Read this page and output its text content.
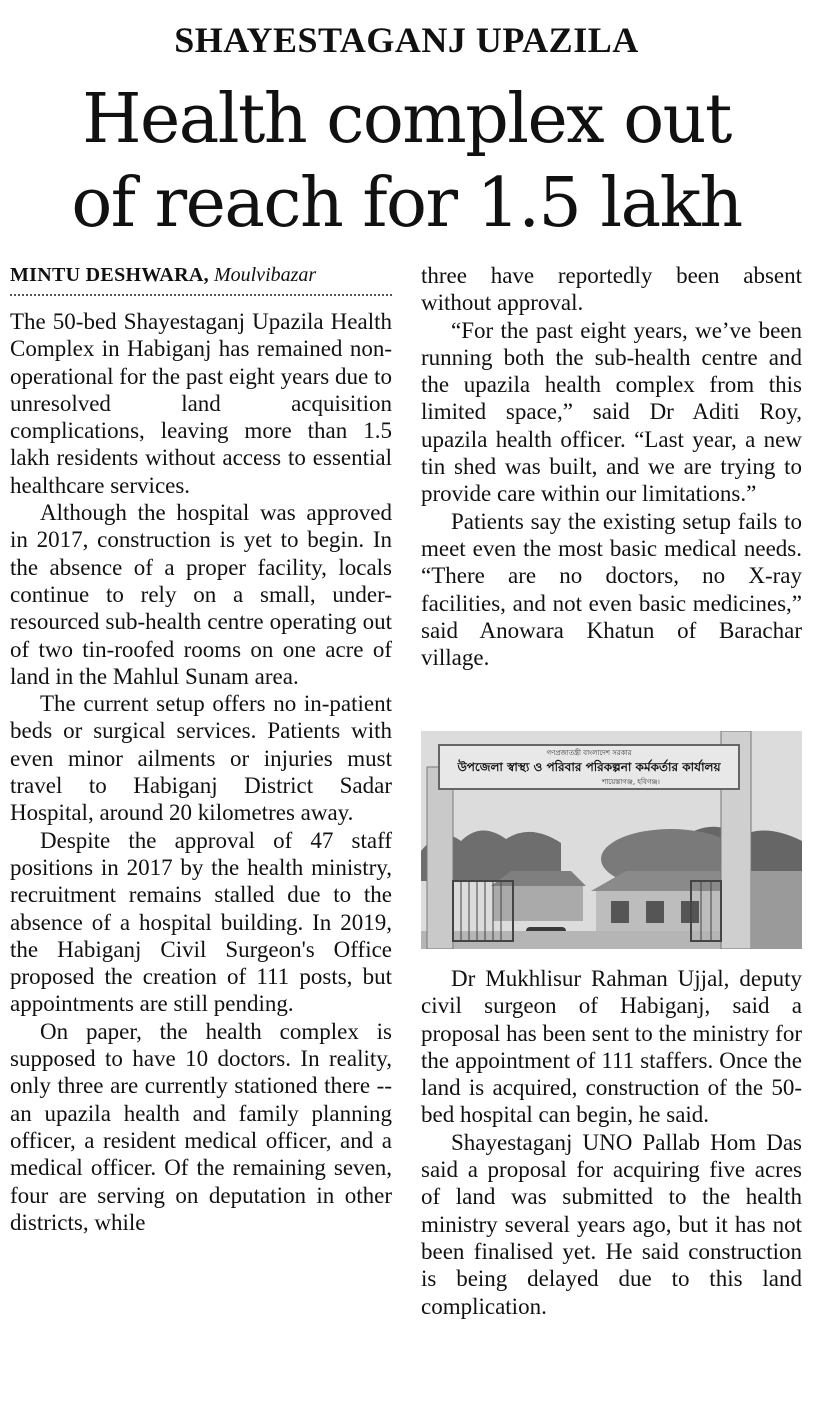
SHAYESTAGANJ UPAZILA
Health complex out
of reach for 1.5 lakh
MINTU DESHWARA, Moulvibazar

The 50-bed Shayestaganj Upazila Health Complex in Habiganj has remained non-operational for the past eight years due to unresolved land acquisition complications, leaving more than 1.5 lakh residents without access to essential healthcare services.

Although the hospital was approved in 2017, construction is yet to begin. In the absence of a proper facility, locals continue to rely on a small, under-resourced sub-health centre operating out of two tin-roofed rooms on one acre of land in the Mahlul Sunam area.

The current setup offers no in-patient beds or surgical services. Patients with even minor ailments or injuries must travel to Habiganj District Sadar Hospital, around 20 kilometres away.

Despite the approval of 47 staff positions in 2017 by the health ministry, recruitment remains stalled due to the absence of a hospital building. In 2019, the Habiganj Civil Surgeon's Office proposed the creation of 111 posts, but appointments are still pending.

On paper, the health complex is supposed to have 10 doctors. In reality, only three are currently stationed there -- an upazila health and family planning officer, a resident medical officer, and a medical officer. Of the remaining seven, four are serving on deputation in other districts, while

three have reportedly been absent without approval.

“For the past eight years, we’ve been running both the sub-health centre and the upazila health complex from this limited space,” said Dr Aditi Roy, upazila health officer. “Last year, a new tin shed was built, and we are trying to provide care within our limitations.”

Patients say the existing setup fails to meet even the most basic medical needs. “There are no doctors, no X-ray facilities, and not even basic medicines,” said Anowara Khatun of Barachar village.

গণপ্রজাতন্ত্রী বাংলাদেশ সরকার
উপজেলা স্বাস্থ্য ও পরিবার পরিকল্পনা কর্মকর্তার কার্যালয়
শায়েস্তাগঞ্জ, হবিগঞ্জ।

Dr Mukhlisur Rahman Ujjal, deputy civil surgeon of Habiganj, said a proposal has been sent to the ministry for the appointment of 111 staffers. Once the land is acquired, construction of the 50-bed hospital can begin, he said.

Shayestaganj UNO Pallab Hom Das said a proposal for acquiring five acres of land was submitted to the health ministry several years ago, but it has not been finalised yet. He said construction is being delayed due to this land complication.
